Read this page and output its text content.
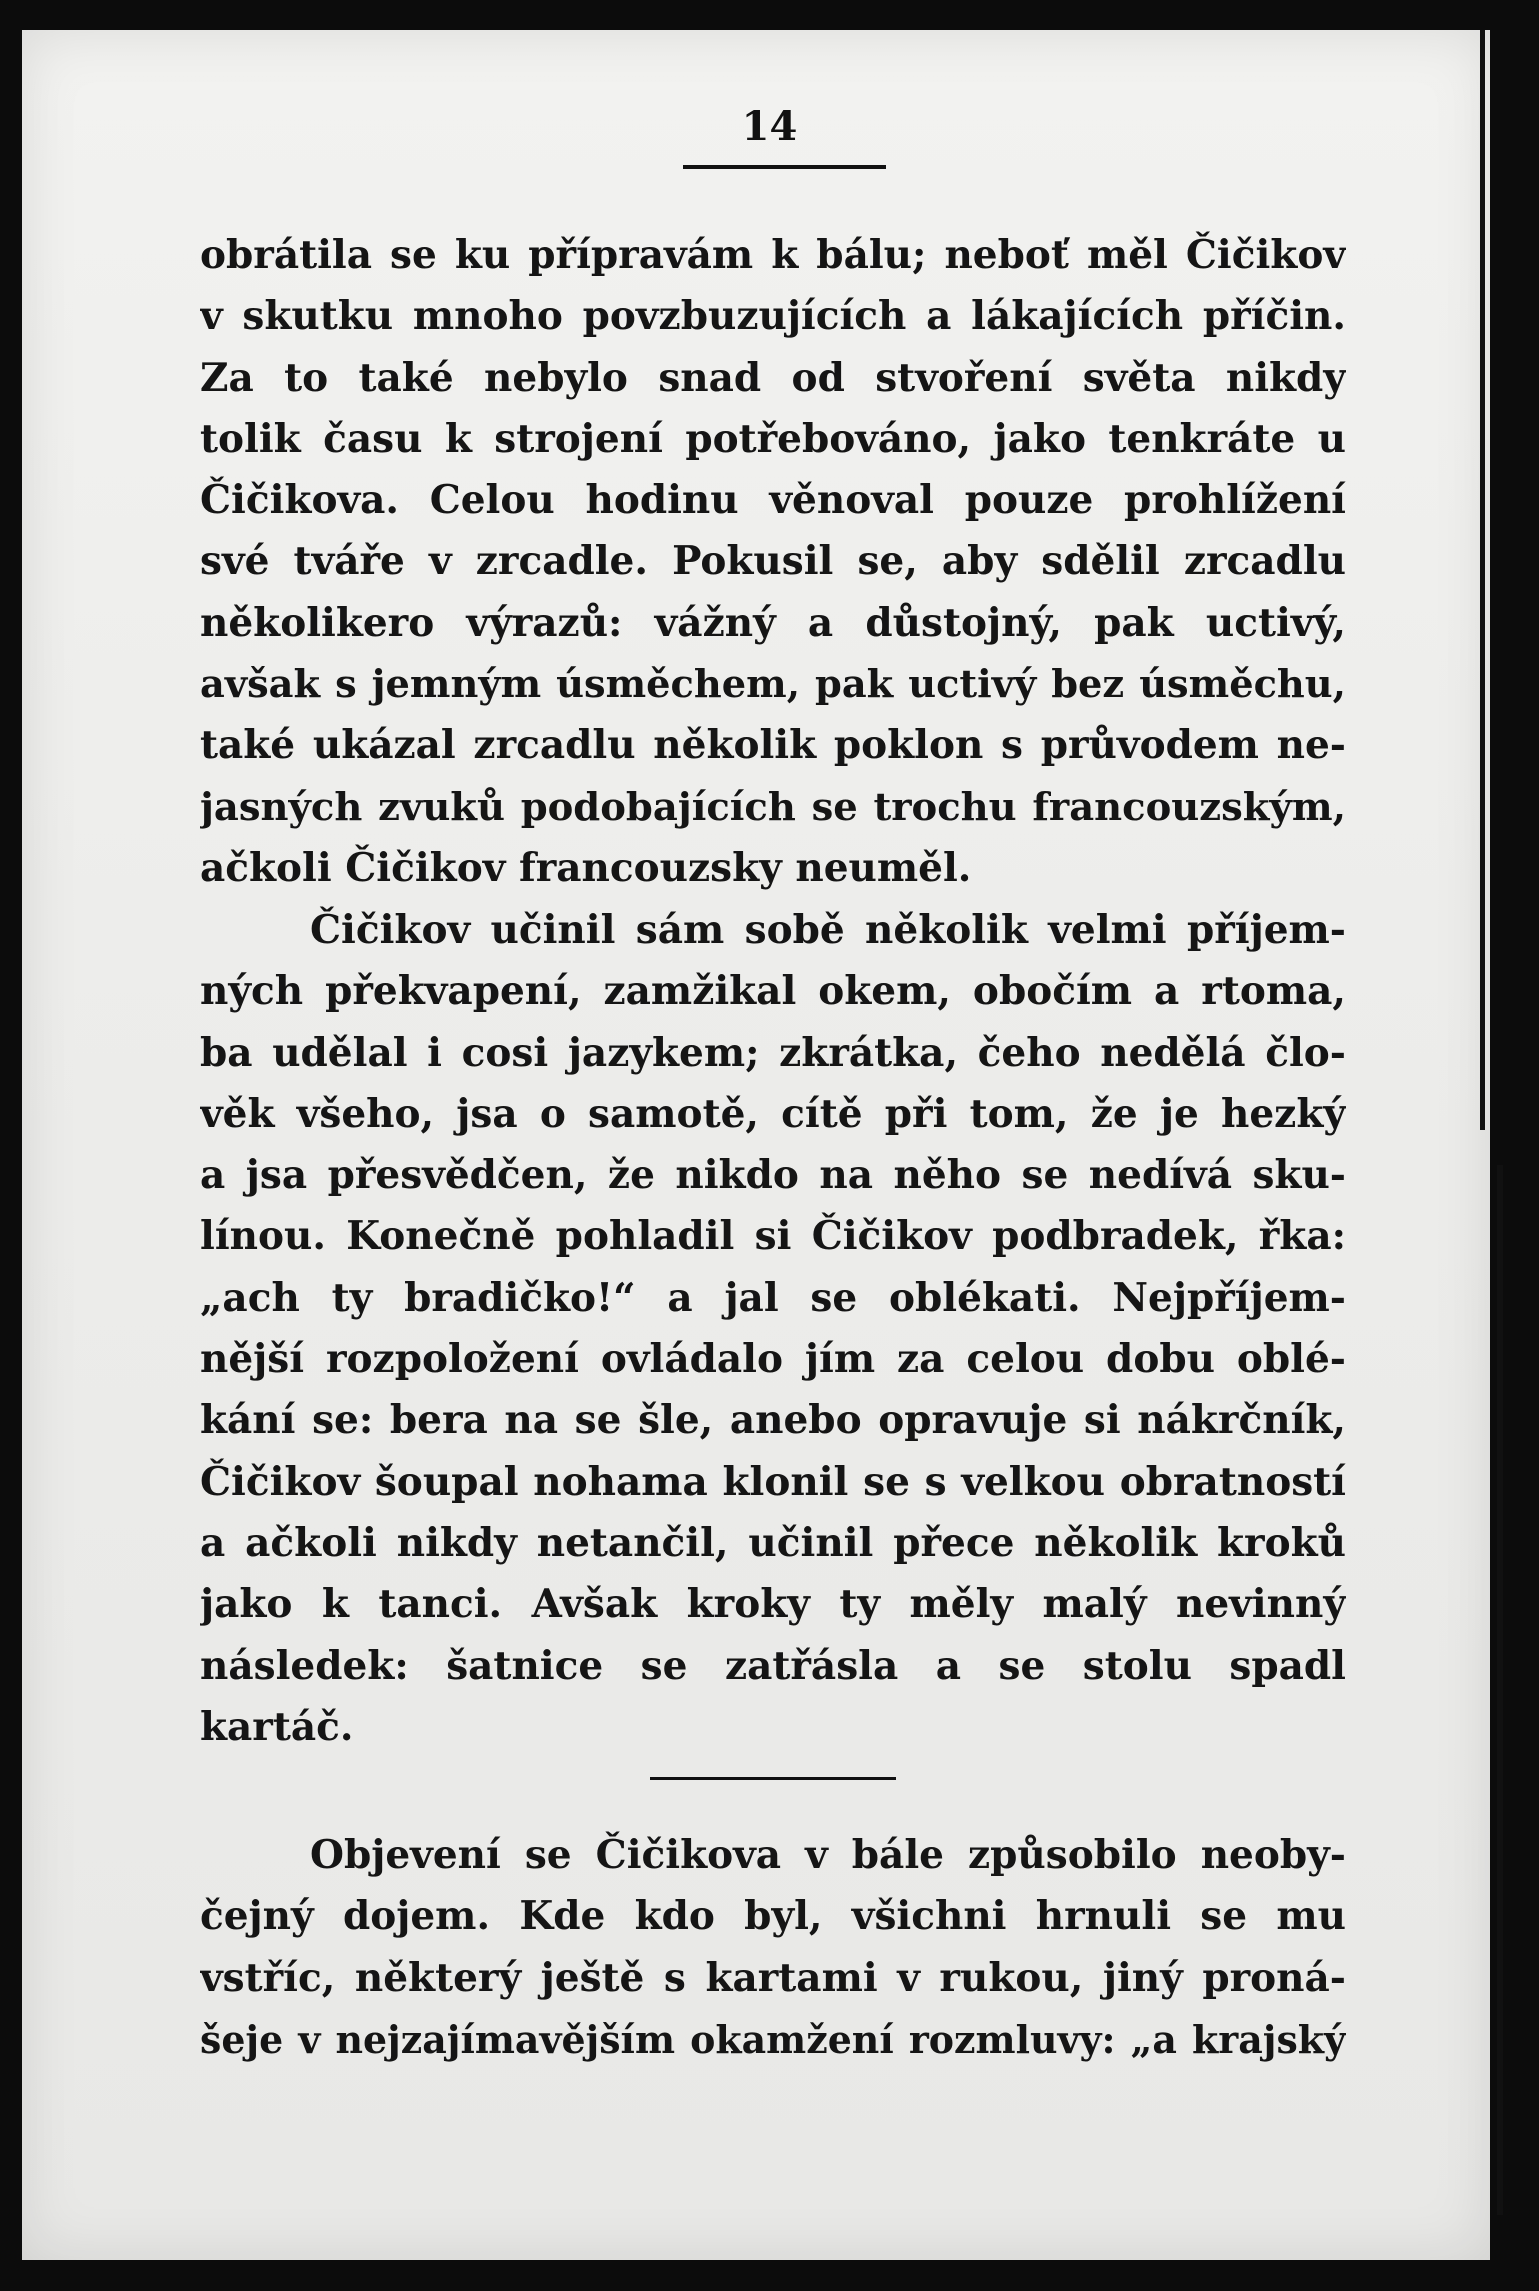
14
obrátila se ku přípravám k bálu; neboť měl Čičikov
v skutku mnoho povzbuzujících a lákajících příčin.
Za to také nebylo snad od stvoření světa nikdy
tolik času k strojení potřebováno, jako tenkráte u
Čičikova. Celou hodinu věnoval pouze prohlížení
své tváře v zrcadle. Pokusil se, aby sdělil zrcadlu
několikero výrazů: vážný a důstojný, pak uctivý,
avšak s jemným úsměchem, pak uctivý bez úsměchu,
také ukázal zrcadlu několik poklon s průvodem ne-
jasných zvuků podobajících se trochu francouzským,
ačkoli Čičikov francouzsky neuměl.
Čičikov učinil sám sobě několik velmi příjem-
ných překvapení, zamžikal okem, obočím a rtoma,
ba udělal i cosi jazykem; zkrátka, čeho nedělá člo-
věk všeho, jsa o samotě, cítě při tom, že je hezký
a jsa přesvědčen, že nikdo na něho se nedívá sku-
línou. Konečně pohladil si Čičikov podbradek, řka:
„ach ty bradičko!“ a jal se oblékati. Nejpříjem-
nější rozpoložení ovládalo jím za celou dobu oblé-
kání se: bera na se šle, anebo opravuje si nákrčník,
Čičikov šoupal nohama klonil se s velkou obratností
a ačkoli nikdy netančil, učinil přece několik kroků
jako k tanci. Avšak kroky ty měly malý nevinný
následek: šatnice se zatřásla a se stolu spadl
kartáč.
Objevení se Čičikova v bále způsobilo neoby-
čejný dojem. Kde kdo byl, všichni hrnuli se mu
vstříc, některý ještě s kartami v rukou, jiný proná-
šeje v nejzajímavějším okamžení rozmluvy: „a krajský
